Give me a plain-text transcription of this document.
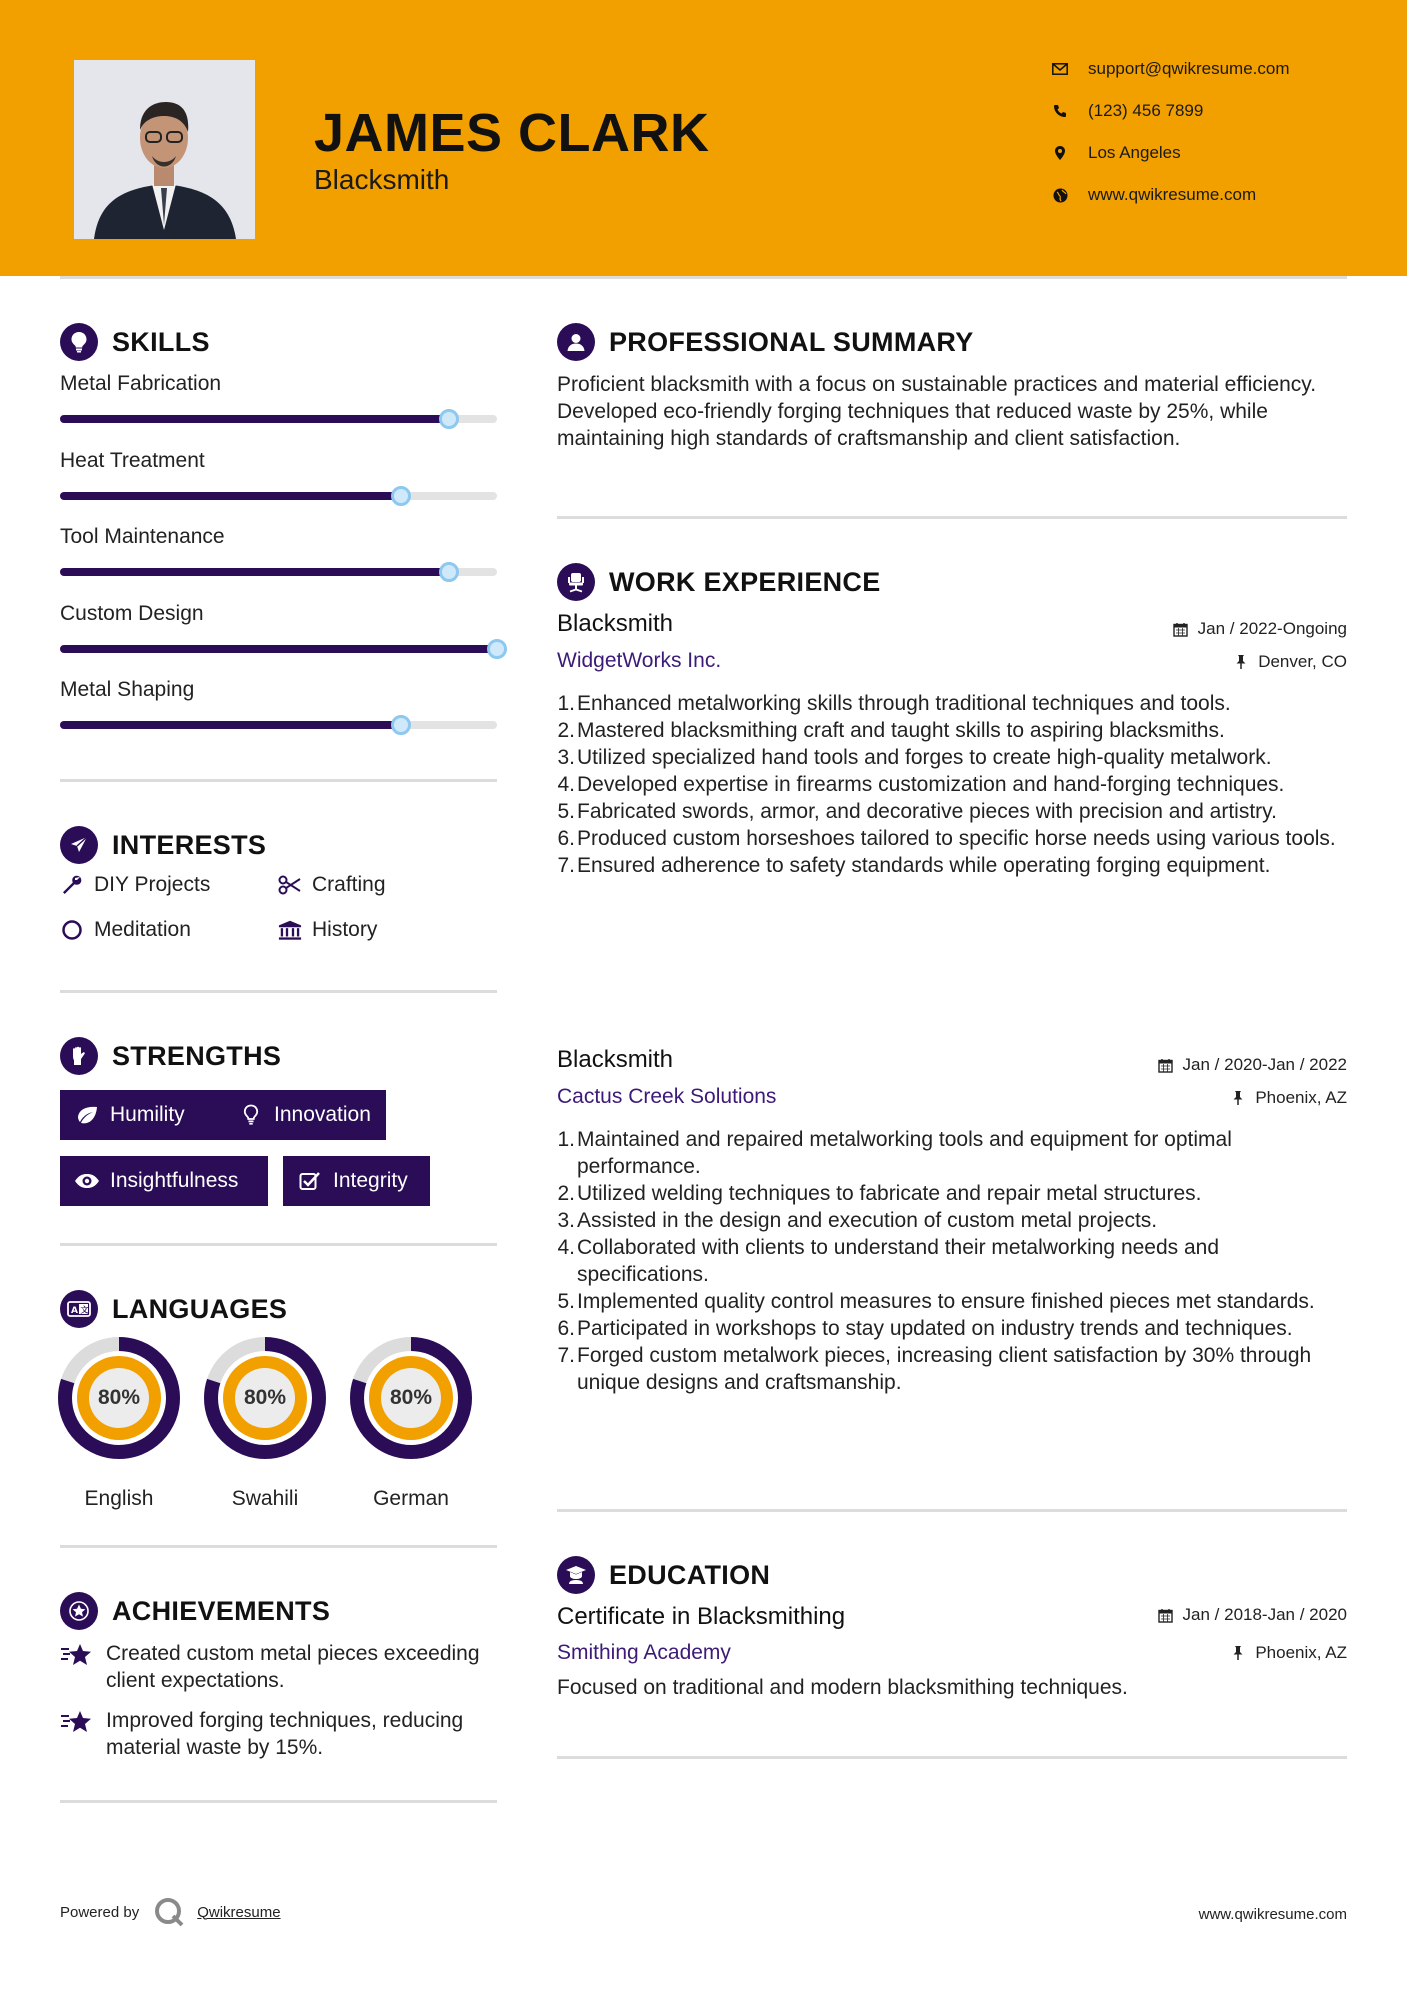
JAMES CLARK
Blacksmith
support@qwikresume.com
(123) 456 7899
Los Angeles
www.qwikresume.com
SKILLS
Metal Fabrication
Heat Treatment
Tool Maintenance
Custom Design
Metal Shaping
INTERESTS
DIY Projects	Crafting
Meditation	History
STRENGTHS
Humility	Innovation
Insightfulness	Integrity
A 文 LANGUAGES
80%
English
80%
Swahili
80%
German
ACHIEVEMENTS
Created custom metal pieces exceeding client expectations.
Improved forging techniques, reducing material waste by 15%.
PROFESSIONAL SUMMARY
Proficient blacksmith with a focus on sustainable practices and material efficiency. Developed eco-friendly forging techniques that reduced waste by 25%, while maintaining high standards of craftsmanship and client satisfaction.
WORK EXPERIENCE
Blacksmith	Jan / 2022-Ongoing
WidgetWorks Inc.	Denver, CO
1. Enhanced metalworking skills through traditional techniques and tools.
2. Mastered blacksmithing craft and taught skills to aspiring blacksmiths.
3. Utilized specialized hand tools and forges to create high-quality metalwork.
4. Developed expertise in firearms customization and hand-forging techniques.
5. Fabricated swords, armor, and decorative pieces with precision and artistry.
6. Produced custom horseshoes tailored to specific horse needs using various tools.
7. Ensured adherence to safety standards while operating forging equipment.
Blacksmith	Jan / 2020-Jan / 2022
Cactus Creek Solutions	Phoenix, AZ
1. Maintained and repaired metalworking tools and equipment for optimal performance.
2. Utilized welding techniques to fabricate and repair metal structures.
3. Assisted in the design and execution of custom metal projects.
4. Collaborated with clients to understand their metalworking needs and specifications.
5. Implemented quality control measures to ensure finished pieces met standards.
6. Participated in workshops to stay updated on industry trends and techniques.
7. Forged custom metalwork pieces, increasing client satisfaction by 30% through unique designs and craftsmanship.
EDUCATION
Certificate in Blacksmithing	Jan / 2018-Jan / 2020
Smithing Academy	Phoenix, AZ
Focused on traditional and modern blacksmithing techniques.
Powered by	Qwikresume	www.qwikresume.com
